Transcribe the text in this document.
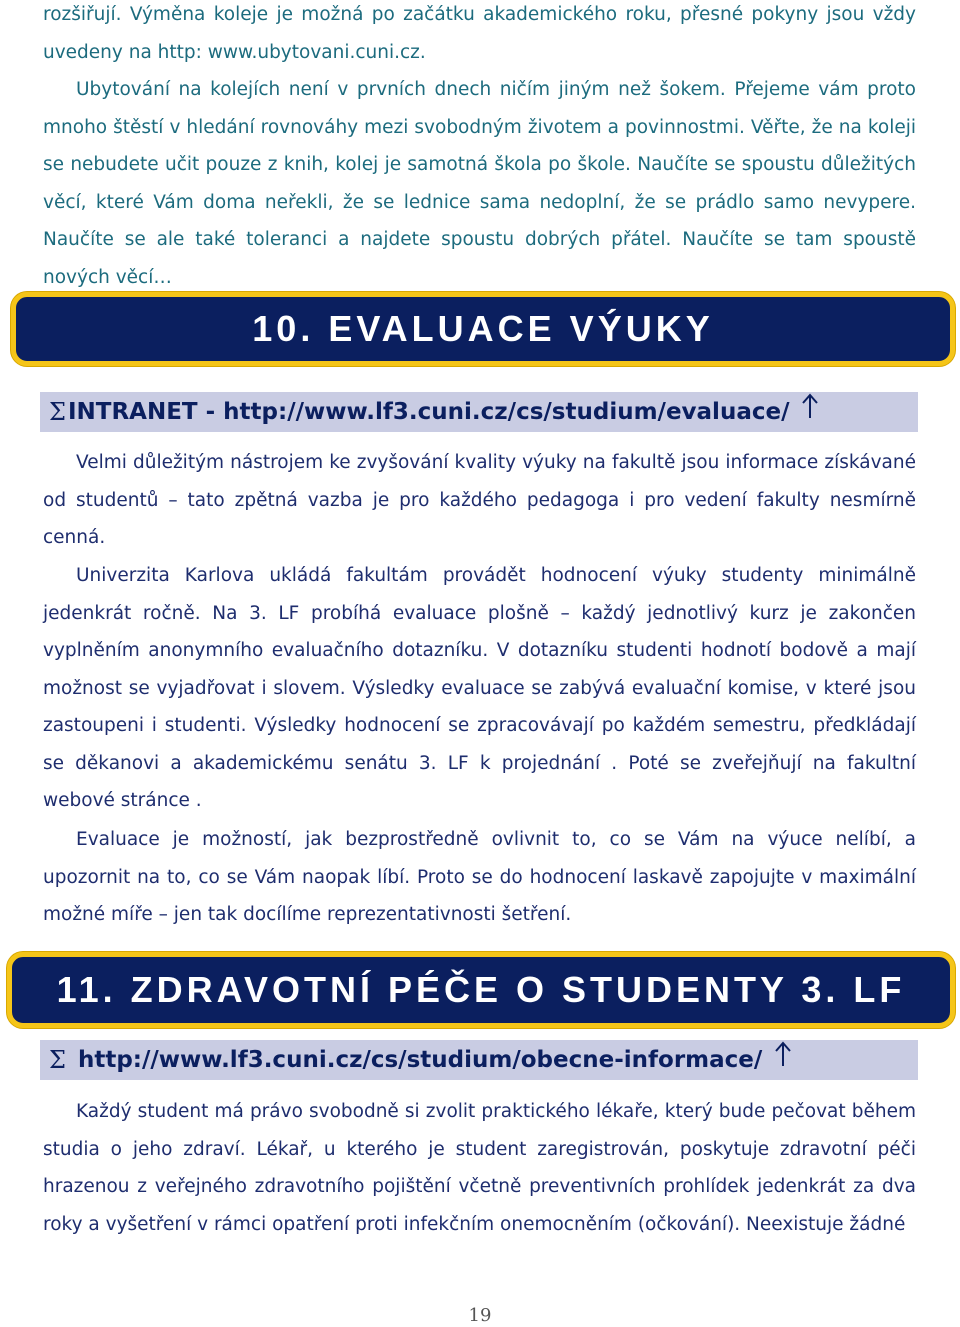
rozšiřují. Výměna koleje je možná po začátku akademického roku, přesné pokyny jsou vždy uvedeny na http: www.ubytovani.cuni.cz.

Ubytování na kolejích není v prvních dnech ničím jiným než šokem. Přejeme vám proto mnoho štěstí v hledání rovnováhy mezi svobodným životem a povinnostmi. Věřte, že na koleji se nebudete učit pouze z knih, kolej je samotná škola po škole. Naučíte se spoustu důležitých věcí, které Vám doma neřekli, že se lednice sama nedoplní, že se prádlo samo nevypere. Naučíte se ale také toleranci a najdete spoustu dobrých přátel. Naučíte se tam spoustě nových věcí…

10. EVALUACE VÝUKY
Σ INTRANET - http://www.lf3.cuni.cz/cs/studium/evaluace/

Velmi důležitým nástrojem ke zvyšování kvality výuky na fakultě jsou informace získávané od studentů – tato zpětná vazba je pro každého pedagoga i pro vedení fakulty nesmírně cenná.

Univerzita Karlova ukládá fakultám provádět hodnocení výuky studenty minimálně jedenkrát ročně. Na 3. LF probíhá evaluace plošně – každý jednotlivý kurz je zakončen vyplněním anonymního evaluačního dotazníku. V dotazníku studenti hodnotí bodově a mají možnost se vyjadřovat i slovem. Výsledky evaluace se zabývá evaluační komise, v které jsou zastoupeni i studenti. Výsledky hodnocení se zpracovávají po každém semestru, předkládají se děkanovi a akademickému senátu 3. LF k projednání . Poté se zveřejňují na fakultní webové stránce .

Evaluace je možností, jak bezprostředně ovlivnit to, co se Vám na výuce nelíbí, a upozornit na to, co se Vám naopak líbí. Proto se do hodnocení laskavě zapojujte v maximální možné míře – jen tak docílíme reprezentativnosti šetření.

11. ZDRAVOTNÍ PÉČE O STUDENTY 3. LF
Σ http://www.lf3.cuni.cz/cs/studium/obecne-informace/

Každý student má právo svobodně si zvolit praktického lékaře, který bude pečovat během studia o jeho zdraví. Lékař, u kterého je student zaregistrován, poskytuje zdravotní péči hrazenou z veřejného zdravotního pojištění včetně preventivních prohlídek jedenkrát za dva roky a vyšetření v rámci opatření proti infekčním onemocněním (očkování). Neexistuje žádné

19
